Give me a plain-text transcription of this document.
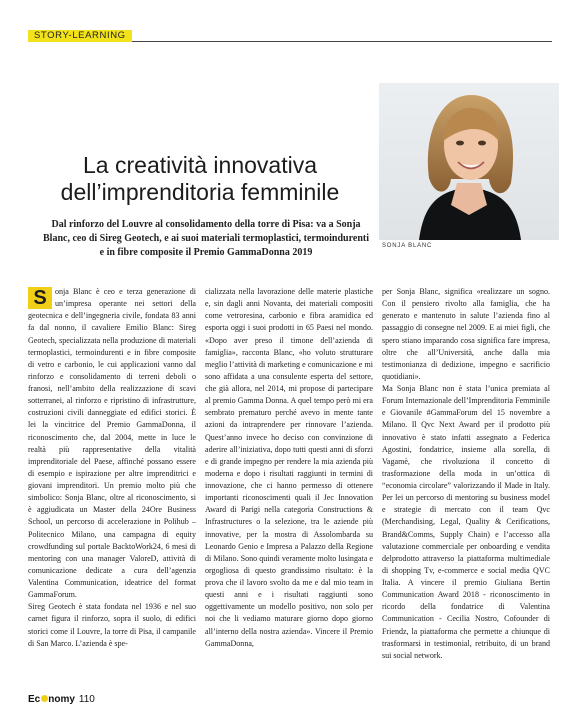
STORY-LEARNING
SONJA BLANC
La creatività innovativa dell’imprenditoria femminile

Dal rinforzo del Louvre al consolidamento della torre di Pisa: va a Sonja Blanc, ceo di Sireg Geotech, e ai suoi materiali termoplastici, termoindurenti e in fibre composite il Premio GammaDonna 2019

S	onja Blanc è ceo e terza generazione di un’impresa operante nei settori della geotecnica e dell’ingegneria civile, fondata 83 anni fa dal nonno, il cavaliere Emilio Blanc: Sireg Geotech, specializzata nella produzione di materiali termoplastici, termoindurenti e in fibre composite di vetro e carbonio, le cui applicazioni vanno dal rinforzo e consolidamento di terreni deboli o franosi, nell’ambito della realizzazione di scavi sotterranei, al rinforzo e ripristino di infrastrutture, costruzioni civili danneggiate ed edifici storici. È lei la vincitrice del Premio GammaDonna, il riconoscimento che, dal 2004, mette in luce le realtà più rappresentative della vitalità imprenditoriale del Paese, affinché possano essere di esempio e ispirazione per altre imprenditrici e giovani imprenditori. Un premio molto più che simbolico: Sonja Blanc, oltre al riconoscimento, si è aggiudicata un Master della 24Ore Business School, un percorso di accelerazione in Polihub – Politecnico Milano, una campagna di equity crowdfunding sul portale BacktoWork24, 6 mesi di mentoring con una manager ValoreD, attività di comunicazione dedicate a cura dell’agenzia Valentina Communication, ideatrice del format GammaForum.

Sireg Geotech è stata fondata nel 1936 e nel suo carnet figura il rinforzo, sopra il suolo, di edifici storici come il Louvre, la torre di Pisa, il campanile di San Marco. L’azienda è spe-

cializzata nella lavorazione delle materie plastiche e, sin dagli anni Novanta, dei materiali compositi come vetroresina, carbonio e fibra aramidica ed esporta oggi i suoi prodotti in 65 Paesi nel mondo. «Dopo aver preso il timone dell’azienda di famiglia», racconta Blanc, «ho voluto strutturare meglio l’attività di marketing e comunicazione e mi sono affidata a una consulente esperta del settore, che già allora, nel 2014, mi propose di partecipare al premio Gamma Donna. A quel tempo però mi era sembrato prematuro perché avevo in mente tante azioni da intraprendere per rinnovare l’azienda. Quest’anno invece ho deciso con convinzione di aderire all’iniziativa, dopo tutti questi anni di sforzi e di grande impegno per rendere la mia azienda più moderna e dopo i risultati raggiunti in termini di innovazione, che ci hanno permesso di ottenere importanti riconoscimenti quali il Jec Innovation Award di Parigi nella categoria Constructions & Infrastructures o la selezione, tra le aziende più innovative, per la mostra di Assolombarda su Leonardo Genio e Impresa a Palazzo della Regione di Milano. Sono quindi veramente molto lusingata e orgogliosa di questo grandissimo risultato: è la prova che il lavoro svolto da me e dal mio team in questi anni e i risultati raggiunti sono oggettivamente un modello positivo, non solo per noi che li vediamo maturare giorno dopo giorno all’interno della nostra azienda». Vincere il Premio GammaDonna,

per Sonja Blanc, significa «realizzare un sogno. Con il pensiero rivolto alla famiglia, che ha generato e mantenuto in salute l’azienda fino al passaggio di consegne nel 2009. E ai miei figli, che spero stiano imparando cosa significa fare impresa, oltre che all’Università, anche dalla mia testimonianza di dedizione, impegno e sacrificio quotidiani».

Ma Sonja Blanc non è stata l’unica premiata al Forum Internazionale dell’Imprenditoria Femminile e Giovanile #GammaForum del 15 novembre a Milano. Il Qvc Next Award per il prodotto più innovativo è stato infatti assegnato a Federica Agostini, fondatrice, insieme alla sorella, di Vagamè, che rivoluziona il concetto di trasformazione della moda in un’ottica di “economia circolare” valorizzando il Made in Italy. Per lei un percorso di mentoring su business model e strategie di mercato con il team Qvc (Merchandising, Legal, Quality & Cerifications, Brand&Comms, Supply Chain) e l’accesso alla valutazione commerciale per onboarding e vendita delprodotto attraverso la piattaforma multimediale di shopping Tv, e-commerce e social media QVC Italia. A vincere il premio Giuliana Bertin Communication Award 2018 - riconoscimento in ricordo della fondatrice di Valentina Communication - Cecilia Nostro, Cofounder di Friendz, la piattaforma che permette a chiunque di trasformarsi in testimonial, retribuito, di un brand sui social network.

Ec nomy 110
